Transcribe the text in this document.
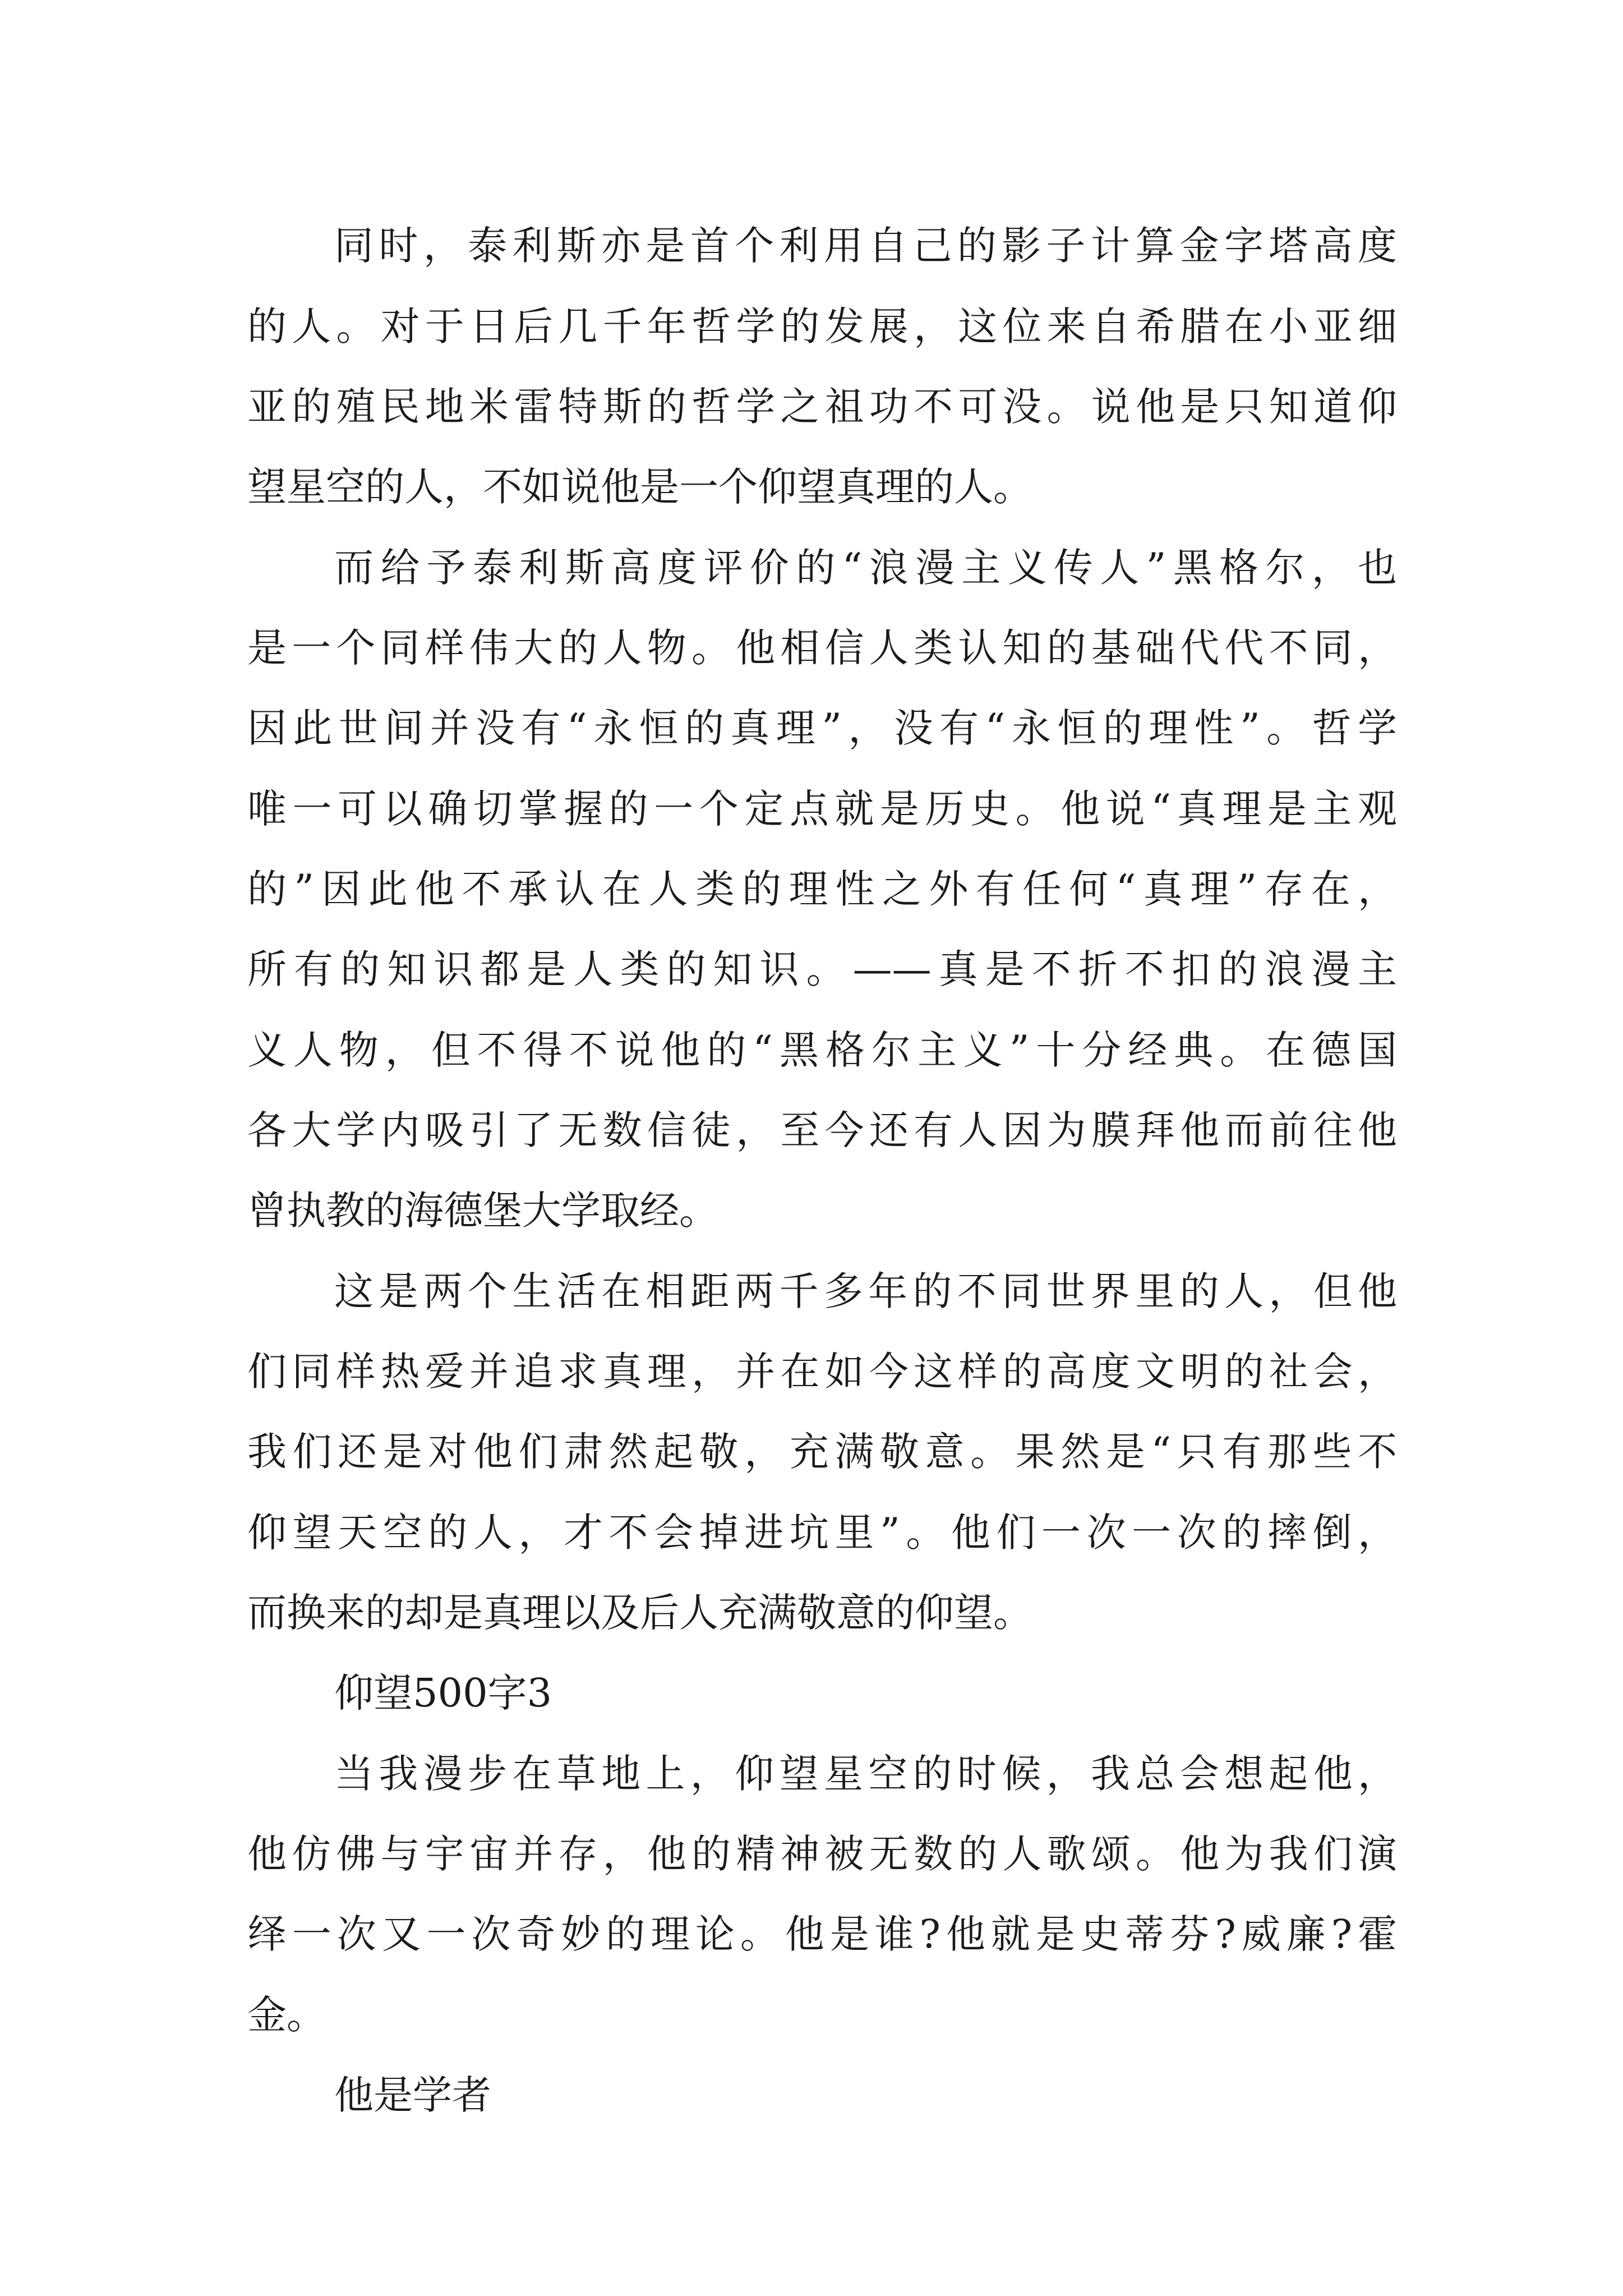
同时，泰利斯亦是首个利用自己的影子计算金字塔高度
的人。对于日后几千年哲学的发展，这位来自希腊在小亚细
亚的殖民地米雷特斯的哲学之祖功不可没。说他是只知道仰
望星空的人，不如说他是一个仰望真理的人。
而给予泰利斯高度评价的“浪漫主义传人”黑格尔，也
是一个同样伟大的人物。他相信人类认知的基础代代不同，
因此世间并没有“永恒的真理”，没有“永恒的理性”。哲学
唯一可以确切掌握的一个定点就是历史。他说“真理是主观
的”因此他不承认在人类的理性之外有任何“真理”存在，
所有的知识都是人类的知识。——真是不折不扣的浪漫主
义人物，但不得不说他的“黑格尔主义”十分经典。在德国
各大学内吸引了无数信徒，至今还有人因为膜拜他而前往他
曾执教的海德堡大学取经。
这是两个生活在相距两千多年的不同世界里的人，但他
们同样热爱并追求真理，并在如今这样的高度文明的社会，
我们还是对他们肃然起敬，充满敬意。果然是“只有那些不
仰望天空的人，才不会掉进坑里”。他们一次一次的摔倒，
而换来的却是真理以及后人充满敬意的仰望。
仰望500字3
当我漫步在草地上，仰望星空的时候，我总会想起他，
他仿佛与宇宙并存，他的精神被无数的人歌颂。他为我们演
绎一次又一次奇妙的理论。他是谁?他就是史蒂芬?威廉?霍
金。
他是学者
